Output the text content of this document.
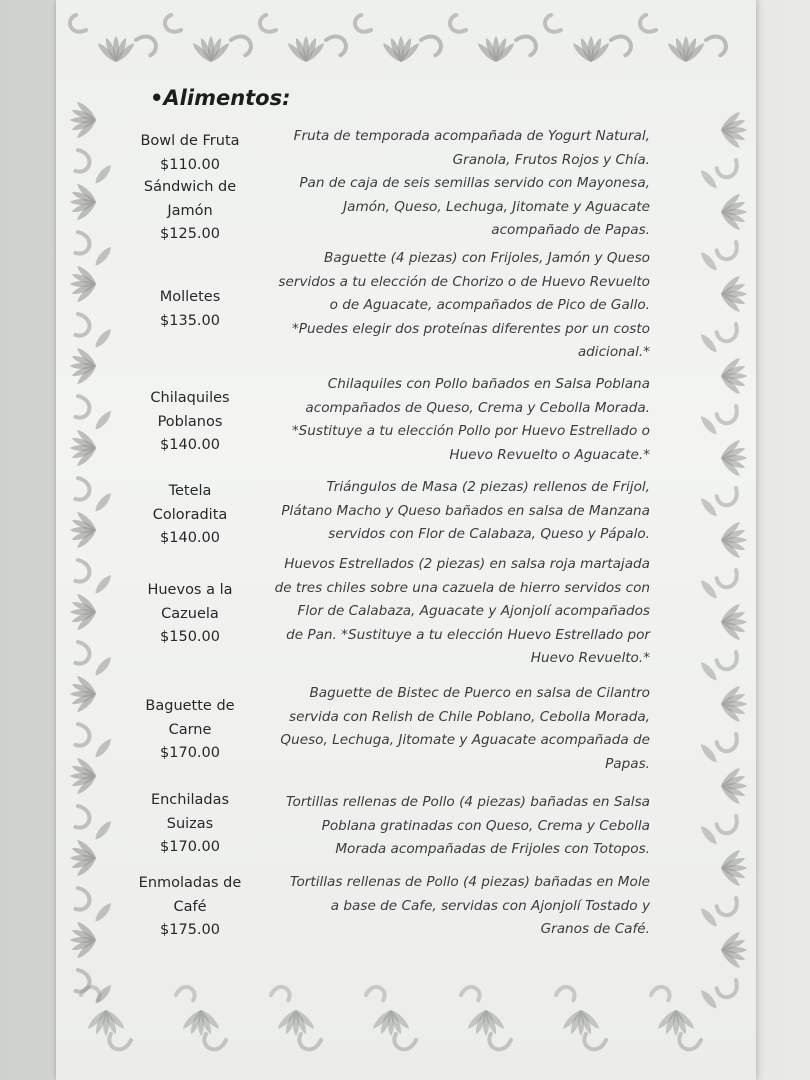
•Alimentos:
Bowl de Fruta
$110.00
Fruta de temporada acompañada de Yogurt Natural,
Granola, Frutos Rojos y Chía.
Sándwich de
Jamón
$125.00
Pan de caja de seis semillas servido con Mayonesa,
Jamón, Queso, Lechuga, Jitomate y Aguacate
acompañado de Papas.
Molletes
$135.00
Baguette (4 piezas) con Frijoles, Jamón y Queso
servidos a tu elección de Chorizo o de Huevo Revuelto
o de Aguacate, acompañados de Pico de Gallo.
*Puedes elegir dos proteínas diferentes por un costo
adicional.*
Chilaquiles
Poblanos
$140.00
Chilaquiles con Pollo bañados en Salsa Poblana
acompañados de Queso, Crema y Cebolla Morada.
*Sustituye a tu elección Pollo por Huevo Estrellado o
Huevo Revuelto o Aguacate.*
Tetela
Coloradita
$140.00
Triángulos de Masa (2 piezas) rellenos de Frijol,
Plátano Macho y Queso bañados en salsa de Manzana
servidos con Flor de Calabaza, Queso y Pápalo.
Huevos a la
Cazuela
$150.00
Huevos Estrellados (2 piezas) en salsa roja martajada
de tres chiles sobre una cazuela de hierro servidos con
Flor de Calabaza, Aguacate y Ajonjolí acompañados
de Pan. *Sustituye a tu elección Huevo Estrellado por
Huevo Revuelto.*
Baguette de
Carne
$170.00
Baguette de Bistec de Puerco en salsa de Cilantro
servida con Relish de Chile Poblano, Cebolla Morada,
Queso, Lechuga, Jitomate y Aguacate acompañada de
Papas.
Enchiladas
Suizas
$170.00
Tortillas rellenas de Pollo (4 piezas) bañadas en Salsa
Poblana gratinadas con Queso, Crema y Cebolla
Morada acompañadas de Frijoles con Totopos.
Enmoladas de
Café
$175.00
Tortillas rellenas de Pollo (4 piezas) bañadas en Mole
a base de Cafe, servidas con Ajonjolí Tostado y
Granos de Café.
